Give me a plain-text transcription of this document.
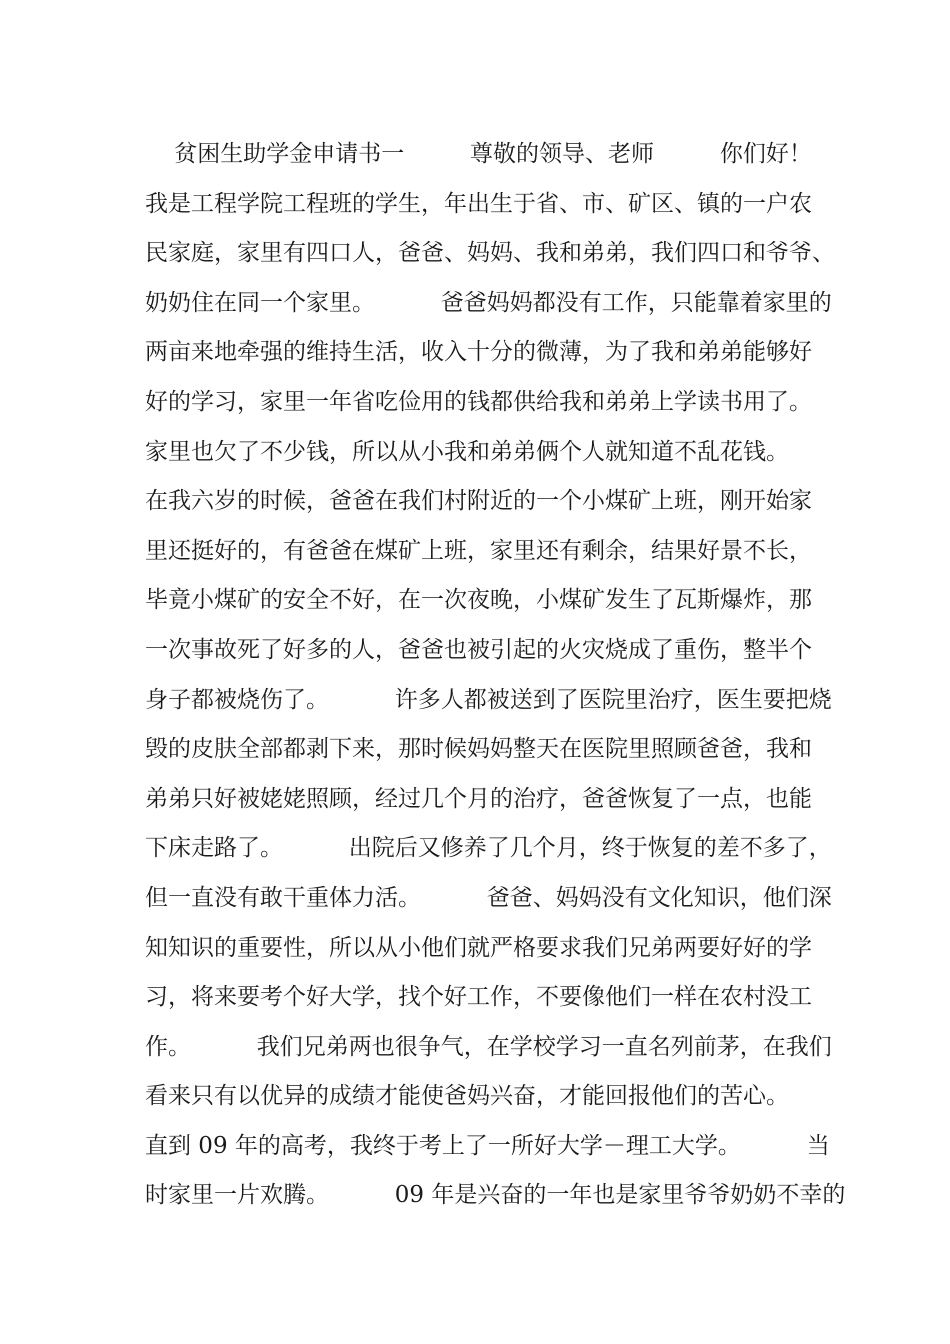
贫困生助学金申请书一         尊敬的领导、老师         你们好！
我是工程学院工程班的学生，年出生于省、市、矿区、镇的一户农
民家庭，家里有四口人，爸爸、妈妈、我和弟弟，我们四口和爷爷、
奶奶住在同一个家里。         爸爸妈妈都没有工作，只能靠着家里的
两亩来地牵强的维持生活，收入十分的微薄，为了我和弟弟能够好
好的学习，家里一年省吃俭用的钱都供给我和弟弟上学读书用了。
家里也欠了不少钱，所以从小我和弟弟俩个人就知道不乱花钱。
在我六岁的时候，爸爸在我们村附近的一个小煤矿上班，刚开始家
里还挺好的，有爸爸在煤矿上班，家里还有剩余，结果好景不长，
毕竟小煤矿的安全不好，在一次夜晚，小煤矿发生了瓦斯爆炸，那
一次事故死了好多的人，爸爸也被引起的火灾烧成了重伤，整半个
身子都被烧伤了。         许多人都被送到了医院里治疗，医生要把烧
毁的皮肤全部都剥下来，那时候妈妈整天在医院里照顾爸爸，我和
弟弟只好被姥姥照顾，经过几个月的治疗，爸爸恢复了一点，也能
下床走路了。         出院后又修养了几个月，终于恢复的差不多了，
但一直没有敢干重体力活。         爸爸、妈妈没有文化知识，他们深
知知识的重要性，所以从小他们就严格要求我们兄弟两要好好的学
习，将来要考个好大学，找个好工作，不要像他们一样在农村没工
作。         我们兄弟两也很争气，在学校学习一直名列前茅，在我们
看来只有以优异的成绩才能使爸妈兴奋，才能回报他们的苦心。
直到 09 年的高考，我终于考上了一所好大学－理工大学。         当
时家里一片欢腾。         09 年是兴奋的一年也是家里爷爷奶奶不幸的
